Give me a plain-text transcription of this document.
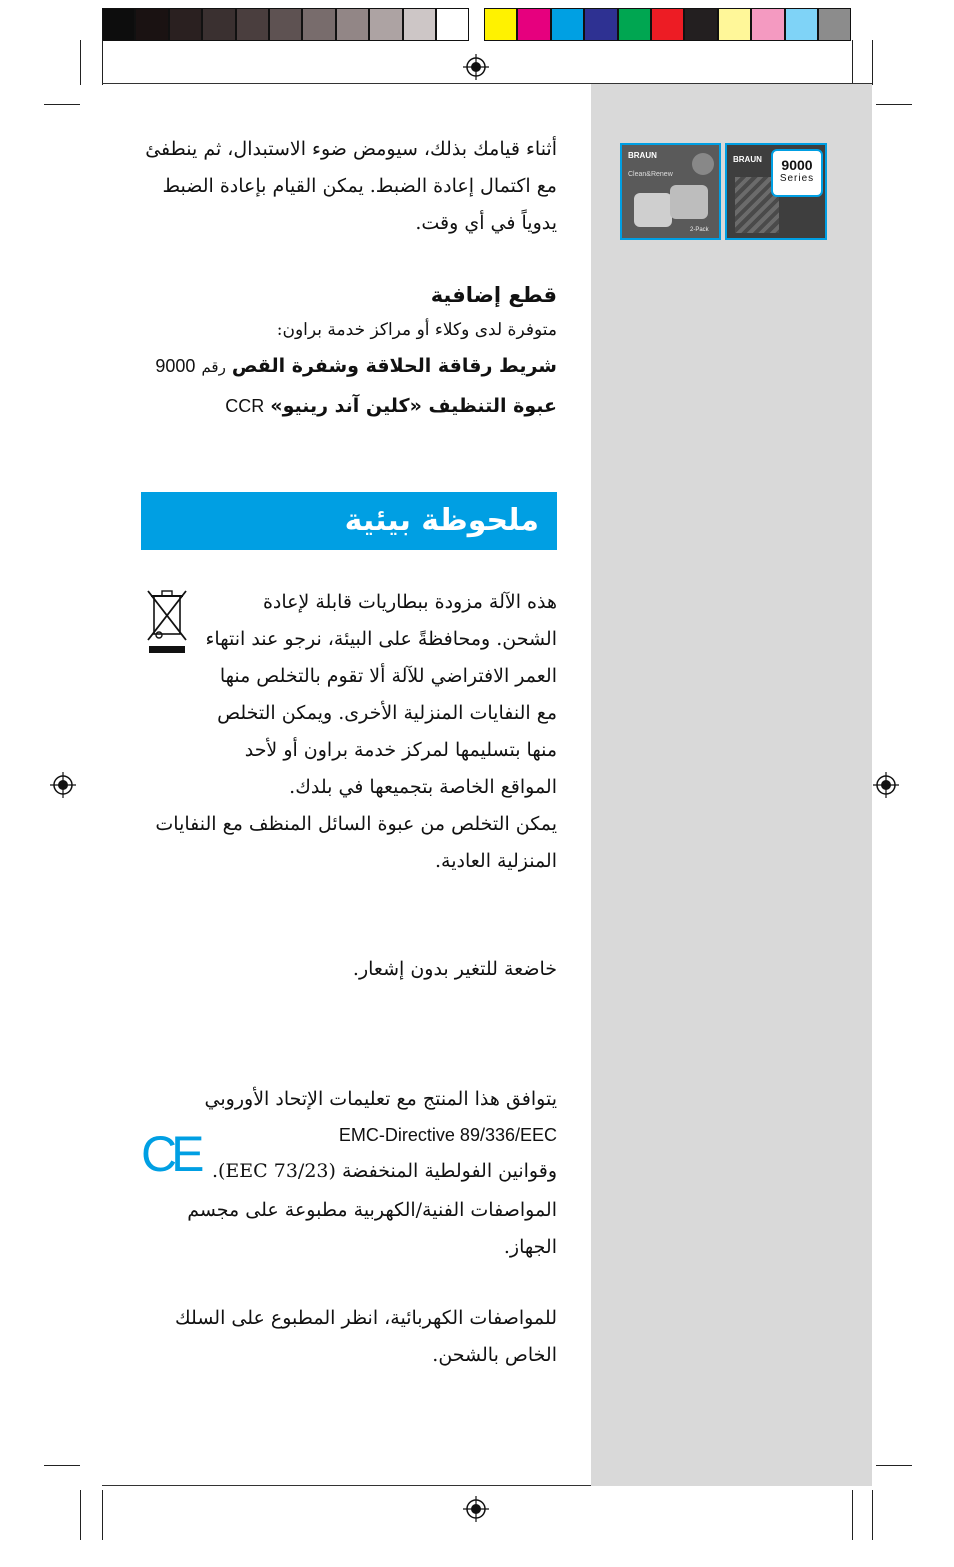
BRAUN
Clean&Renew
2-Pack
BRAUN	9000
Series
أثناء قيامك بذلك، سيومض ضوء الاستبدال، ثم ينطفئ مع اكتمال إعادة الضبط. يمكن القيام بإعادة الضبط يدوياً في أي وقت.
قطع إضافية
متوفرة لدى وكلاء أو مراكز خدمة براون:
شريط رقاقة الحلاقة وشفرة القص رقم 9000
عبوة التنظيف «كلين آند رينيو» CCR
ملحوظة بيئية
هذه الآلة مزودة ببطاريات قابلة لإعادة الشحن. ومحافظةً على البيئة، نرجو عند انتهاء العمر الافتراضي للآلة ألا تقوم بالتخلص منها مع النفايات المنزلية الأخرى. ويمكن التخلص منها بتسليمها لمركز خدمة براون أو لأحد المواقع الخاصة بتجميعها في بلدك.
يمكن التخلص من عبوة السائل المنظف مع النفايات المنزلية العادية.
خاضعة للتغير بدون إشعار.
يتوافق هذا المنتج مع تعليمات الإتحاد الأوروبي
EMC-Directive 89/336/EEC
CE وقوانين الفولطية المنخفضة (73/23 EEC).
المواصفات الفنية/الكهربية مطبوعة على مجسم الجهاز.
للمواصفات الكهربائية، انظر المطبوع على السلك الخاص بالشحن.
